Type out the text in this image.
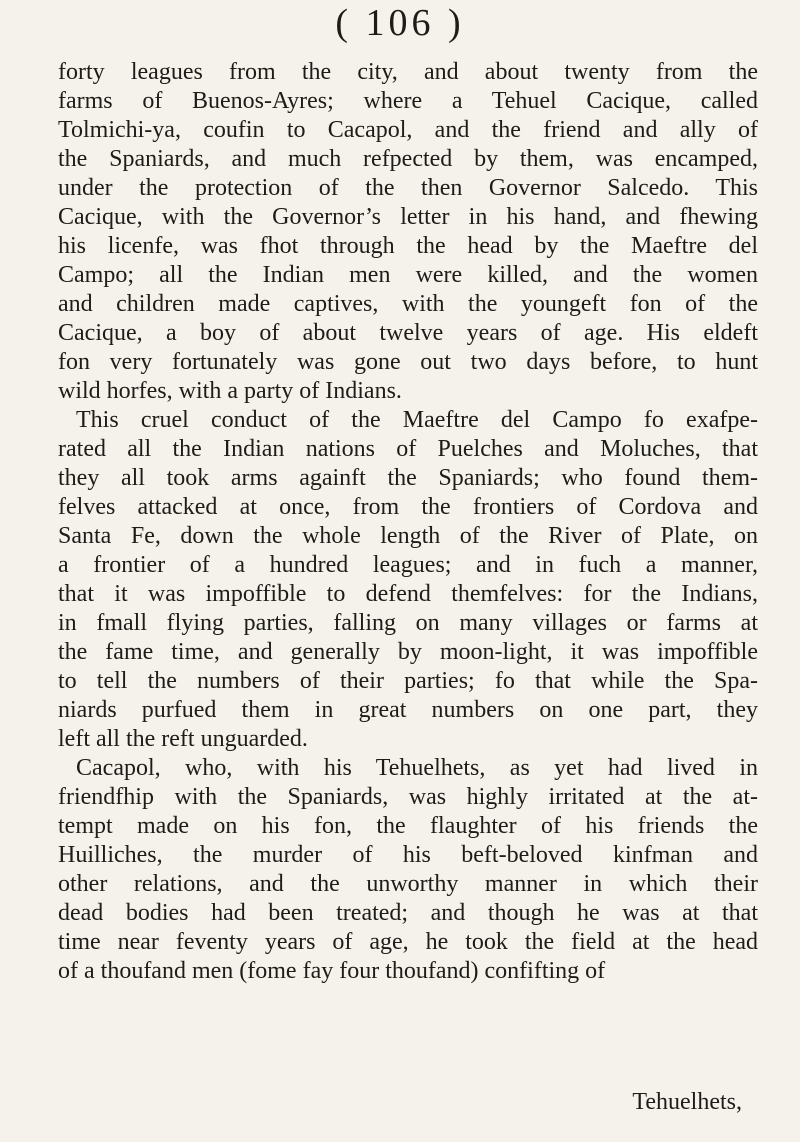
( 106 )
forty leagues from the city, and about twenty from the
farms of Buenos-Ayres; where a Tehuel Cacique, called
Tolmichi-ya, coufin to Cacapol, and the friend and ally of
the Spaniards, and much refpected by them, was encamped,
under the protection of the then Governor Salcedo. This
Cacique, with the Governor’s letter in his hand, and fhewing
his licenfe, was fhot through the head by the Maeftre del
Campo; all the Indian men were killed, and the women
and children made captives, with the youngeft fon of the
Cacique, a boy of about twelve years of age. His eldeft
fon very fortunately was gone out two days before, to hunt
wild horfes, with a party of Indians.
This cruel conduct of the Maeftre del Campo fo exafpe-
rated all the Indian nations of Puelches and Moluches, that
they all took arms againft the Spaniards; who found them-
felves attacked at once, from the frontiers of Cordova and
Santa Fe, down the whole length of the River of Plate, on
a frontier of a hundred leagues; and in fuch a manner,
that it was impoffible to defend themfelves: for the Indians,
in fmall flying parties, falling on many villages or farms at
the fame time, and generally by moon-light, it was impoffible
to tell the numbers of their parties; fo that while the Spa-
niards purfued them in great numbers on one part, they
left all the reft unguarded.
Cacapol, who, with his Tehuelhets, as yet had lived in
friendfhip with the Spaniards, was highly irritated at the at-
tempt made on his fon, the flaughter of his friends the
Huilliches, the murder of his beft-beloved kinfman and
other relations, and the unworthy manner in which their
dead bodies had been treated; and though he was at that
time near feventy years of age, he took the field at the head
of a thoufand men (fome fay four thoufand) confifting of
Tehuelhets,
